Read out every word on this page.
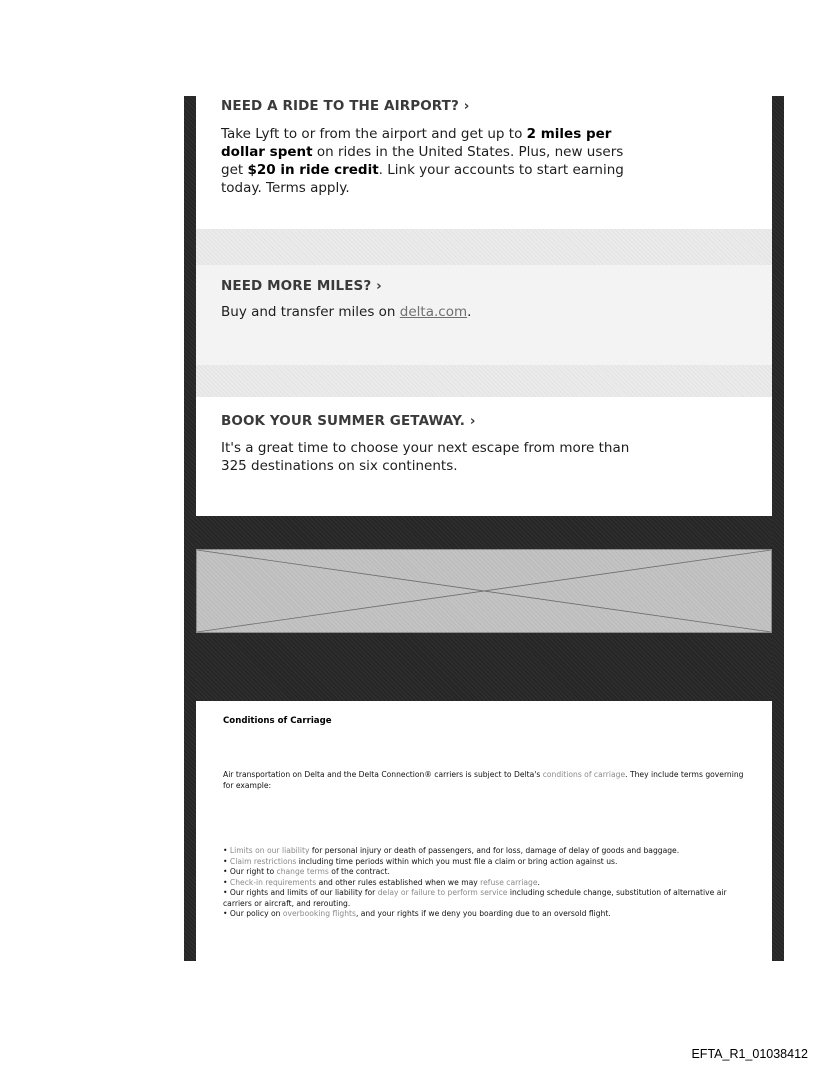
NEED A RIDE TO THE AIRPORT? ›
Take Lyft to or from the airport and get up to 2 miles per dollar spent on rides in the United States. Plus, new users get $20 in ride credit. Link your accounts to start earning today. Terms apply.
NEED MORE MILES? ›
Buy and transfer miles on delta.com.
BOOK YOUR SUMMER GETAWAY. ›
It's a great time to choose your next escape from more than 325 destinations on six continents.
Conditions of Carriage
Air transportation on Delta and the Delta Connection® carriers is subject to Delta's conditions of carriage. They include terms governing for example:
• Limits on our liability for personal injury or death of passengers, and for loss, damage of delay of goods and baggage.
• Claim restrictions including time periods within which you must file a claim or bring action against us.
• Our right to change terms of the contract.
• Check-in requirements and other rules established when we may refuse carriage.
• Our rights and limits of our liability for delay or failure to perform service including schedule change, substitution of alternative air carriers or aircraft, and rerouting.
• Our policy on overbooking flights, and your rights if we deny you boarding due to an oversold flight.
EFTA_R1_01038412
